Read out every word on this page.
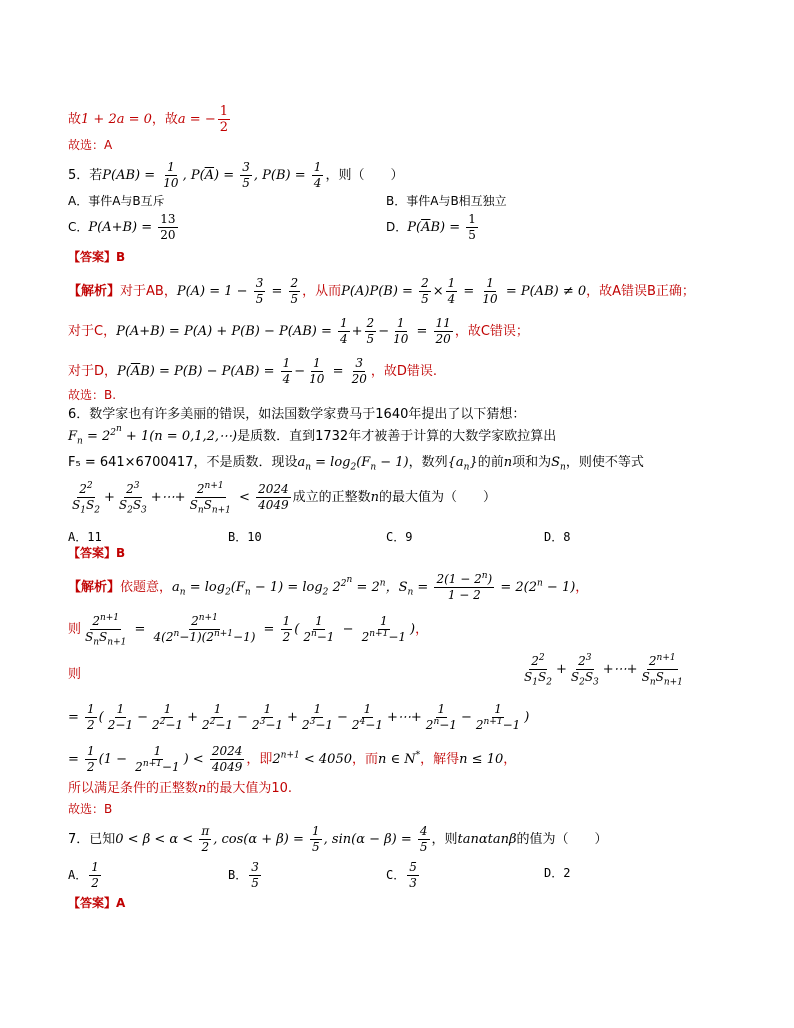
故1 + 2a = 0，故a = − $\frac{1}{2}$
故选：A
5．若$P(AB) = \frac{1}{10}$ , $P(\overline{A}) = \frac{3}{5}$ , $P(B) = \frac{1}{4}$ ，则（　　）
A．事件A与B互斥	B．事件A与B相互独立
C．$P(A+B) = \frac{13}{20}$	D．$P(\overline{A}B) = \frac{1}{5}$
【答案】B
【解析】对于AB，$P(A) = 1 - \frac{3}{5} = \frac{2}{5}$ ，从而$P(A)P(B) = \frac{2}{5} \times \frac{1}{4} = \frac{1}{10} = P(AB) \ne 0$，故A错误B正确；
对于C，$P(A+B) = P(A) + P(B) - P(AB) = \frac{1}{4} + \frac{2}{5} - \frac{1}{10} = \frac{11}{20}$ ，故C错误；
对于D，$P(\overline{A}B) = P(B) - P(AB) = \frac{1}{4} - \frac{1}{10} = \frac{3}{20}$ ，故D错误.
故选：B.
6．数学家也有许多美丽的错误，如法国数学家费马于1640年提出了以下猜想：
$F_n = 2^{2^n} + 1(n$ = 0,1,2,⋯)是质数．直到1732年才被善于计算的大数学家欧拉算出
F₅ = 641×6700417，不是质数．现设$a_n = \log_2(F_n - 1)$，数列$\{a_n\}$的前n项和为$S_n$，则使不等式
$\frac{2^2}{S_1S_2} + \frac{2^3}{S_2S_3}$ +⋯+ $\frac{2^{n+1}}{S_nS_{n+1}} < \frac{2024}{4049}$ 成立的正整数n的最大值为（　　）
A．11	B．10	C．9	D．8
【答案】B
【解析】依题意，$a_n = \log_2(F_n - 1) = \log_2 2^{2^n} = 2^n$，$S_n = \frac{2(1 - 2^n)}{1 - 2} = 2(2^n - 1)$，
则 $\frac{2^{n+1}}{S_nS_{n+1}} = \frac{2^{n+1}}{4(2^n-1)(2^{n+1}-1)} = \frac{1}{2}$ ( $\frac{1}{2^n-1} - \frac{1}{2^{n+1}-1}$ )，
则	$\frac{2^2}{S_1S_2} + \frac{2^3}{S_2S_3}$ +⋯+ $\frac{2^{n+1}}{S_nS_{n+1}}$
= $\frac{1}{2}$ ( $\frac{1}{2-1} - \frac{1}{2^2-1} + \frac{1}{2^2-1} - \frac{1}{2^3-1} + \frac{1}{2^3-1} - \frac{1}{2^4-1}$ +⋯+ $\frac{1}{2^n-1} - \frac{1}{2^{n+1}-1}$ )
= $\frac{1}{2} (1 - \frac{1}{2^{n+1}-1}$ ) < $\frac{2024}{4049}$ ，即$2^{n+1} < 4050$，而n ∈ N*，解得n ≤ 10，
所以满足条件的正整数n的最大值为10.
故选：B
7．已知$0 < \beta < \alpha < \frac{\pi}{2}$ , $\cos(\alpha + \beta) = \frac{1}{5}$ , $\sin(\alpha - \beta) = \frac{4}{5}$ ，则tanαtanβ的值为（　　）
A． $\frac{1}{2}$	B． $\frac{3}{5}$	C． $\frac{5}{3}$	D．2
【答案】A
